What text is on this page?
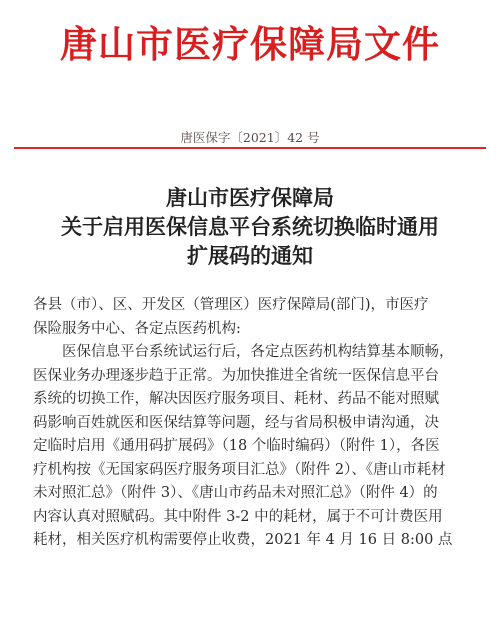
唐山市医疗保障局文件
唐医保字〔2021〕42 号
唐山市医疗保障局
关于启用医保信息平台系统切换临时通用
扩展码的通知
各县（市）、区、开发区（管理区）医疗保障局(部门)，市医疗
保险服务中心、各定点医药机构:
医保信息平台系统试运行后，各定点医药机构结算基本顺畅，
医保业务办理逐步趋于正常。为加快推进全省统一医保信息平台
系统的切换工作，解决因医疗服务项目、耗材、药品不能对照赋
码影响百姓就医和医保结算等问题，经与省局积极申请沟通，决
定临时启用《通用码扩展码》（18 个临时编码）（附件 1），各医
疗机构按《无国家码医疗服务项目汇总》（附件 2）、《唐山市耗材
未对照汇总》（附件 3）、《唐山市药品未对照汇总》（附件 4）的
内容认真对照赋码。其中附件 3-2 中的耗材，属于不可计费医用
耗材，相关医疗机构需要停止收费，2021 年 4 月 16 日 8:00 点
